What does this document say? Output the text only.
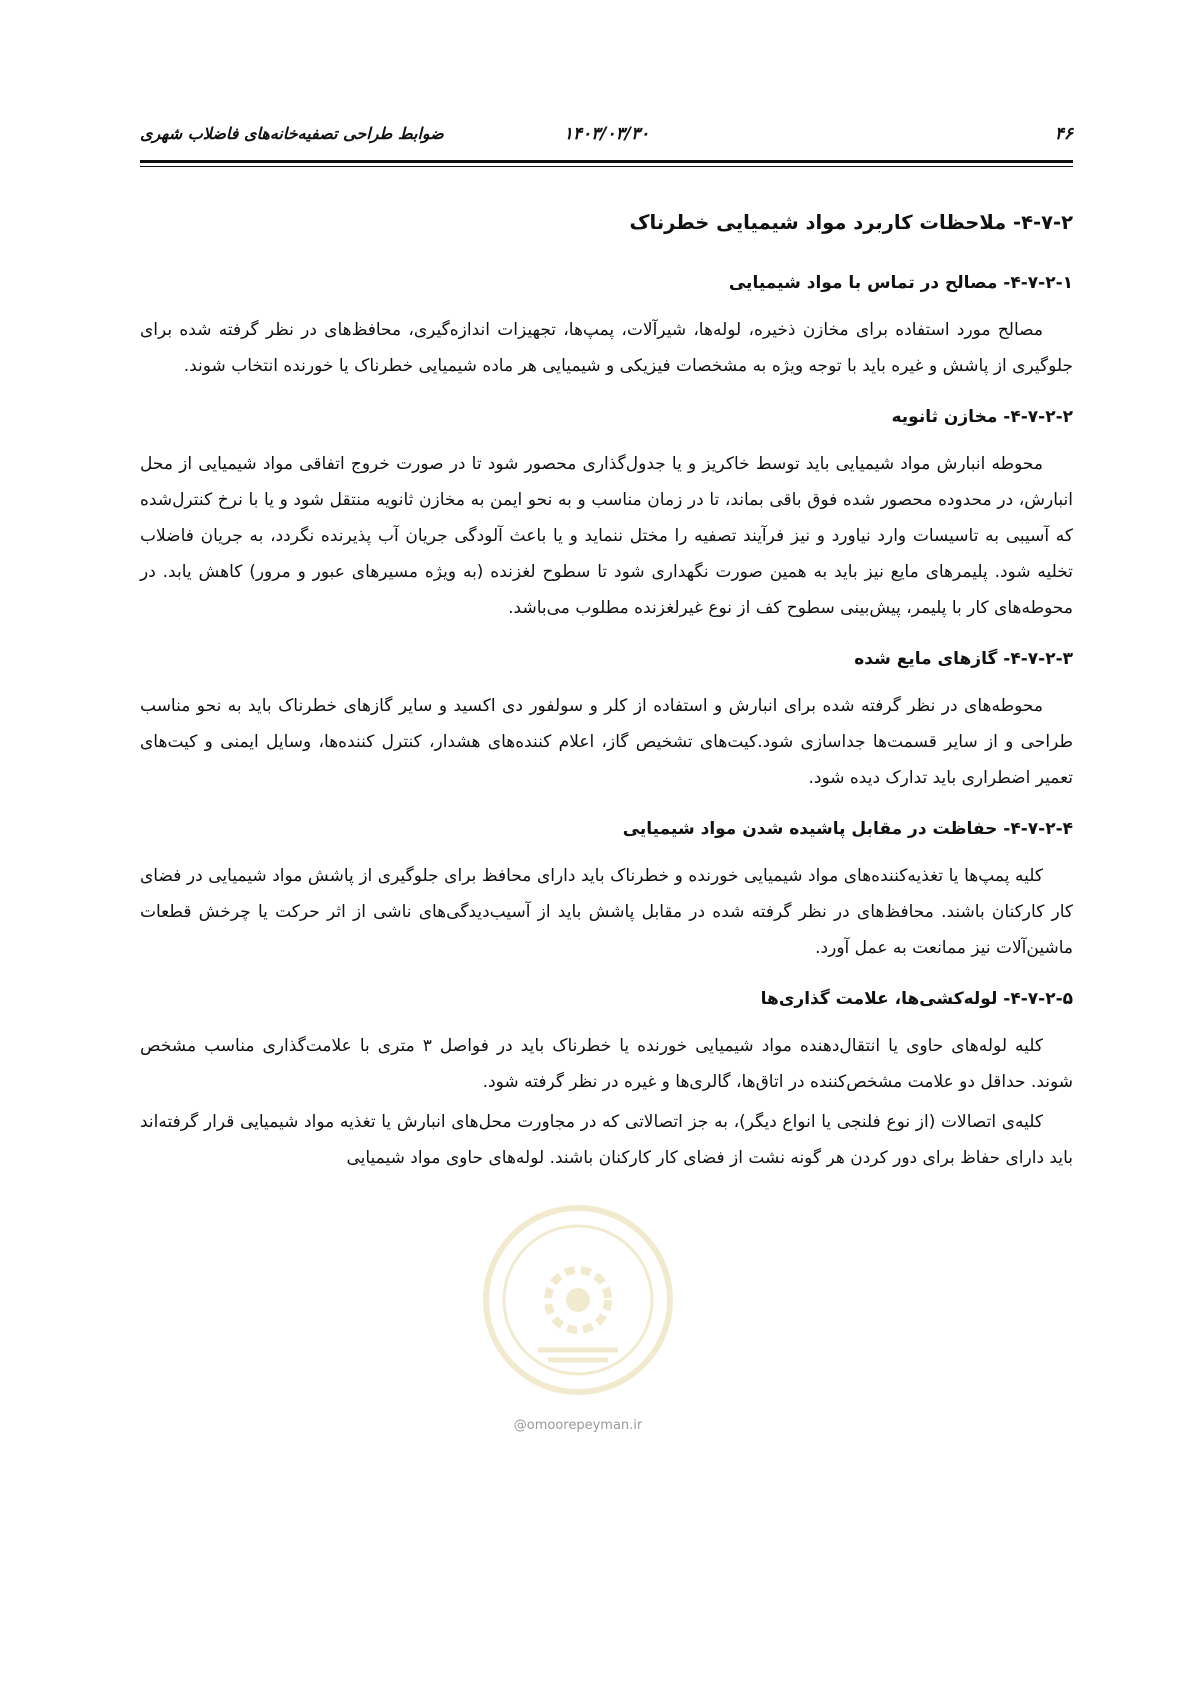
۴۶
۱۴۰۳/۰۳/۳۰
ضوابط طراحی تصفیه‌خانه‌های فاضلاب شهری
۴-۷-۲- ملاحظات کاربرد مواد شیمیایی خطرناک
۴-۷-۲-۱- مصالح در تماس با مواد شیمیایی

مصالح مورد استفاده برای مخازن ذخیره، لوله‌ها، شیرآلات، پمپ‌ها، تجهیزات اندازه‌گیری، محافظ‌های در نظر گرفته شده برای جلوگیری از پاشش و غیره باید با توجه ویژه به مشخصات فیزیکی و شیمیایی هر ماده شیمیایی خطرناک یا خورنده انتخاب شوند.

۴-۷-۲-۲- مخازن ثانویه

محوطه انبارش مواد شیمیایی باید توسط خاکریز و یا جدول‌گذاری محصور شود تا در صورت خروج اتفاقی مواد شیمیایی از محل انبارش، در محدوده محصور شده فوق باقی بماند، تا در زمان مناسب و به نحو ایمن به مخازن ثانویه منتقل شود و یا با نرخ کنترل‌شده که آسیبی به تاسیسات وارد نیاورد و نیز فرآیند تصفیه را مختل ننماید و یا باعث آلودگی جریان آب پذیرنده نگردد، به جریان فاضلاب تخلیه شود. پلیمرهای مایع نیز باید به همین صورت نگهداری شود تا سطوح لغزنده (به ویژه مسیرهای عبور و مرور) کاهش یابد. در محوطه‌های کار با پلیمر، پیش‌بینی سطوح کف از نوع غیرلغزنده مطلوب می‌باشد.

۴-۷-۲-۳- گازهای مایع شده

محوطه‌های در نظر گرفته شده برای انبارش و استفاده از کلر و سولفور دی اکسید و سایر گازهای خطرناک باید به نحو مناسب طراحی و از سایر قسمت‌ها جداسازی شود.کیت‌های تشخیص گاز، اعلام کننده‌های هشدار، کنترل کننده‌ها، وسایل ایمنی و کیت‌های تعمیر اضطراری باید تدارک دیده شود.

۴-۷-۲-۴- حفاظت در مقابل پاشیده شدن مواد شیمیایی

کلیه پمپ‌ها یا تغذیه‌کننده‌های مواد شیمیایی خورنده و خطرناک باید دارای محافظ برای جلوگیری از پاشش مواد شیمیایی در فضای کار کارکنان باشند. محافظ‌های در نظر گرفته شده در مقابل پاشش باید از آسیب‌دیدگی‌های ناشی از اثر حرکت یا چرخش قطعات ماشین‌آلات نیز ممانعت به عمل آورد.

۴-۷-۲-۵- لوله‌کشی‌ها، علامت گذاری‌ها

کلیه لوله‌های حاوی یا انتقال‌دهنده مواد شیمیایی خورنده یا خطرناک باید در فواصل ۳ متری با علامت‌گذاری مناسب مشخص شوند. حداقل دو علامت مشخص‌کننده در اتاق‌ها، گالری‌ها و غیره در نظر گرفته شود.

کلیه‌ی اتصالات (از نوع فلنجی یا انواع دیگر)، به جز اتصالاتی که در مجاورت محل‌های انبارش یا تغذیه مواد شیمیایی قرار گرفته‌اند باید دارای حفاظ برای دور کردن هر گونه نشت از فضای کار کارکنان باشند. لوله‌های حاوی مواد شیمیایی

@omoorepeyman.ir
